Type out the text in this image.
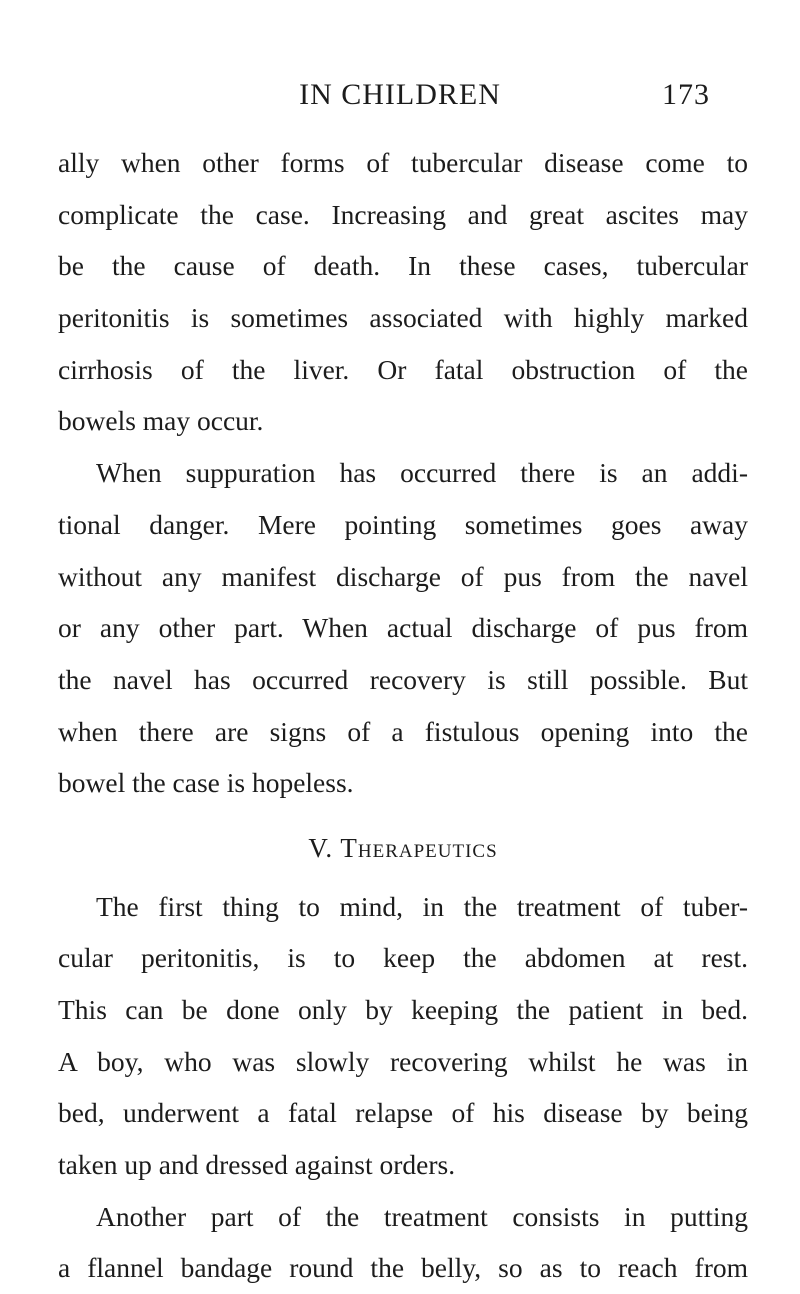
IN CHILDREN	173
ally when other forms of tubercular disease come to
complicate the case. Increasing and great ascites may
be the cause of death. In these cases, tubercular
peritonitis is sometimes associated with highly marked
cirrhosis of the liver. Or fatal obstruction of the
bowels may occur.
When suppuration has occurred there is an addi-
tional danger. Mere pointing sometimes goes away
without any manifest discharge of pus from the navel
or any other part. When actual discharge of pus from
the navel has occurred recovery is still possible. But
when there are signs of a fistulous opening into the
bowel the case is hopeless.
V. Therapeutics
The first thing to mind, in the treatment of tuber-
cular peritonitis, is to keep the abdomen at rest.
This can be done only by keeping the patient in bed.
A boy, who was slowly recovering whilst he was in
bed, underwent a fatal relapse of his disease by being
taken up and dressed against orders.
Another part of the treatment consists in putting
a flannel bandage round the belly, so as to reach from
